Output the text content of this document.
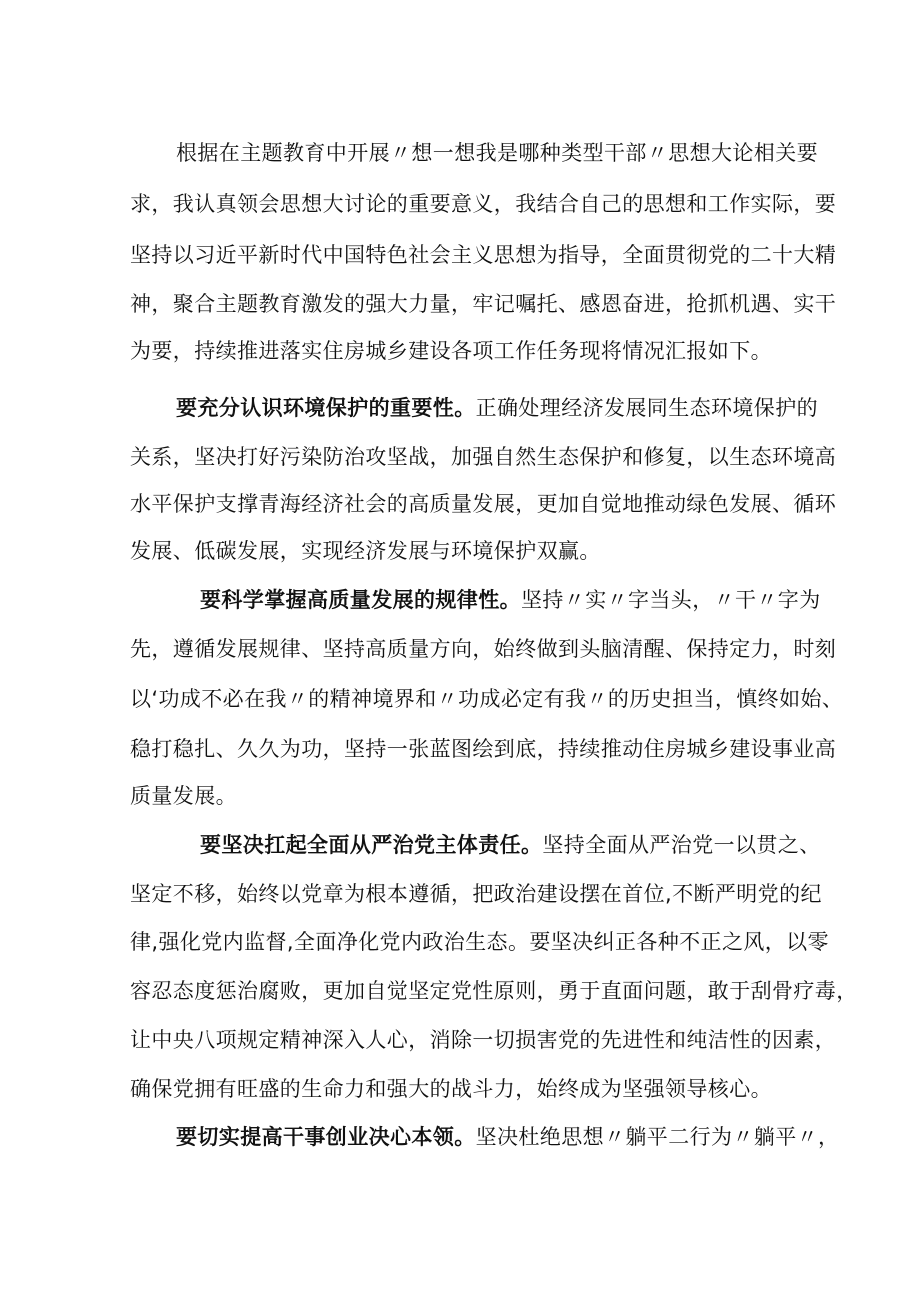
根据在主题教育中开展〃想一想我是哪种类型干部〃思想大论相关要
求，我认真领会思想大讨论的重要意义，我结合自己的思想和工作实际，要
坚持以习近平新时代中国特色社会主义思想为指导，全面贯彻党的二十大精
神，聚合主题教育激发的强大力量，牢记嘱托、感恩奋进，抢抓机遇、实干
为要，持续推进落实住房城乡建设各项工作任务现将情况汇报如下。
要充分认识环境保护的重要性。正确处理经济发展同生态环境保护的
关系，坚决打好污染防治攻坚战，加强自然生态保护和修复，以生态环境高
水平保护支撑青海经济社会的高质量发展，更加自觉地推动绿色发展、循环
发展、低碳发展，实现经济发展与环境保护双赢。
要科学掌握高质量发展的规律性。坚持〃实〃字当头，〃干〃字为
先，遵循发展规律、坚持高质量方向，始终做到头脑清醒、保持定力，时刻
以‘功成不必在我〃的精神境界和〃功成必定有我〃的历史担当，慎终如始、
稳打稳扎、久久为功，坚持一张蓝图绘到底，持续推动住房城乡建设事业高
质量发展。
要坚决扛起全面从严治党主体责任。坚持全面从严治党一以贯之、
坚定不移，始终以党章为根本遵循，把政治建设摆在首位,不断严明党的纪
律,强化党内监督,全面净化党内政治生态。要坚决纠正各种不正之风，以零
容忍态度惩治腐败，更加自觉坚定党性原则，勇于直面问题，敢于刮骨疗毒，
让中央八项规定精神深入人心，消除一切损害党的先进性和纯洁性的因素，
确保党拥有旺盛的生命力和强大的战斗力，始终成为坚强领导核心。
要切实提高干事创业决心本领。坚决杜绝思想〃躺平二行为〃躺平〃，
